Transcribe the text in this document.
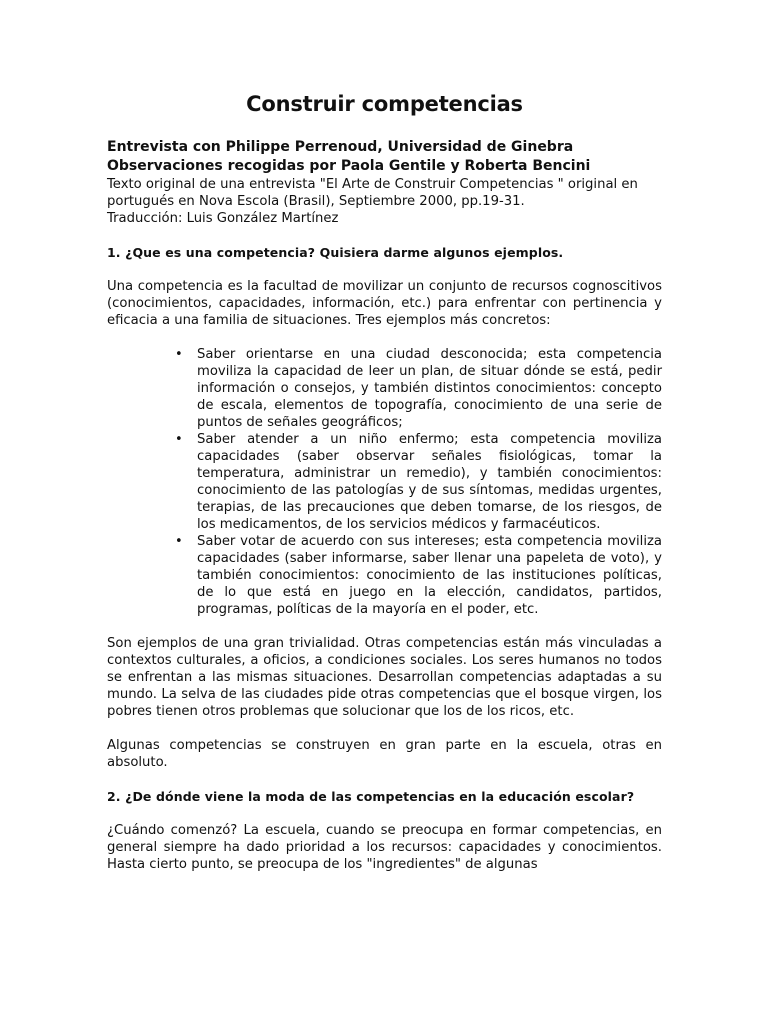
Construir competencias

Entrevista con Philippe Perrenoud, Universidad de Ginebra

Observaciones recogidas por Paola Gentile y Roberta Bencini

Texto original de una entrevista "El Arte de Construir Competencias " original en portugués en Nova Escola (Brasil), Septiembre 2000, pp.19-31.

Traducción: Luis González Martínez

1. ¿Que es una competencia? Quisiera darme algunos ejemplos.

Una competencia es la facultad de movilizar un conjunto de recursos cognoscitivos (conocimientos, capacidades, información, etc.) para enfrentar con pertinencia y eficacia a una familia de situaciones. Tres ejemplos más concretos:

• Saber orientarse en una ciudad desconocida; esta competencia moviliza la capacidad de leer un plan, de situar dónde se está, pedir información o consejos, y también distintos conocimientos: concepto de escala, elementos de topografía, conocimiento de una serie de puntos de señales geográficos;
• Saber atender a un niño enfermo; esta competencia moviliza capacidades (saber observar señales fisiológicas, tomar la temperatura, administrar un remedio), y también conocimientos: conocimiento de las patologías y de sus síntomas, medidas urgentes, terapias, de las precauciones que deben tomarse, de los riesgos, de los medicamentos, de los servicios médicos y farmacéuticos.
• Saber votar de acuerdo con sus intereses; esta competencia moviliza capacidades (saber informarse, saber llenar una papeleta de voto), y también conocimientos: conocimiento de las instituciones políticas, de lo que está en juego en la elección, candidatos, partidos, programas, políticas de la mayoría en el poder, etc.

Son ejemplos de una gran trivialidad. Otras competencias están más vinculadas a contextos culturales, a oficios, a condiciones sociales. Los seres humanos no todos se enfrentan a las mismas situaciones. Desarrollan competencias adaptadas a su mundo. La selva de las ciudades pide otras competencias que el bosque virgen, los pobres tienen otros problemas que solucionar que los de los ricos, etc.

Algunas competencias se construyen en gran parte en la escuela, otras en absoluto.

2. ¿De dónde viene la moda de las competencias en la educación escolar?

¿Cuándo comenzó? La escuela, cuando se preocupa en formar competencias, en general siempre ha dado prioridad a los recursos: capacidades y conocimientos. Hasta cierto punto, se preocupa de los "ingredientes" de algunas
